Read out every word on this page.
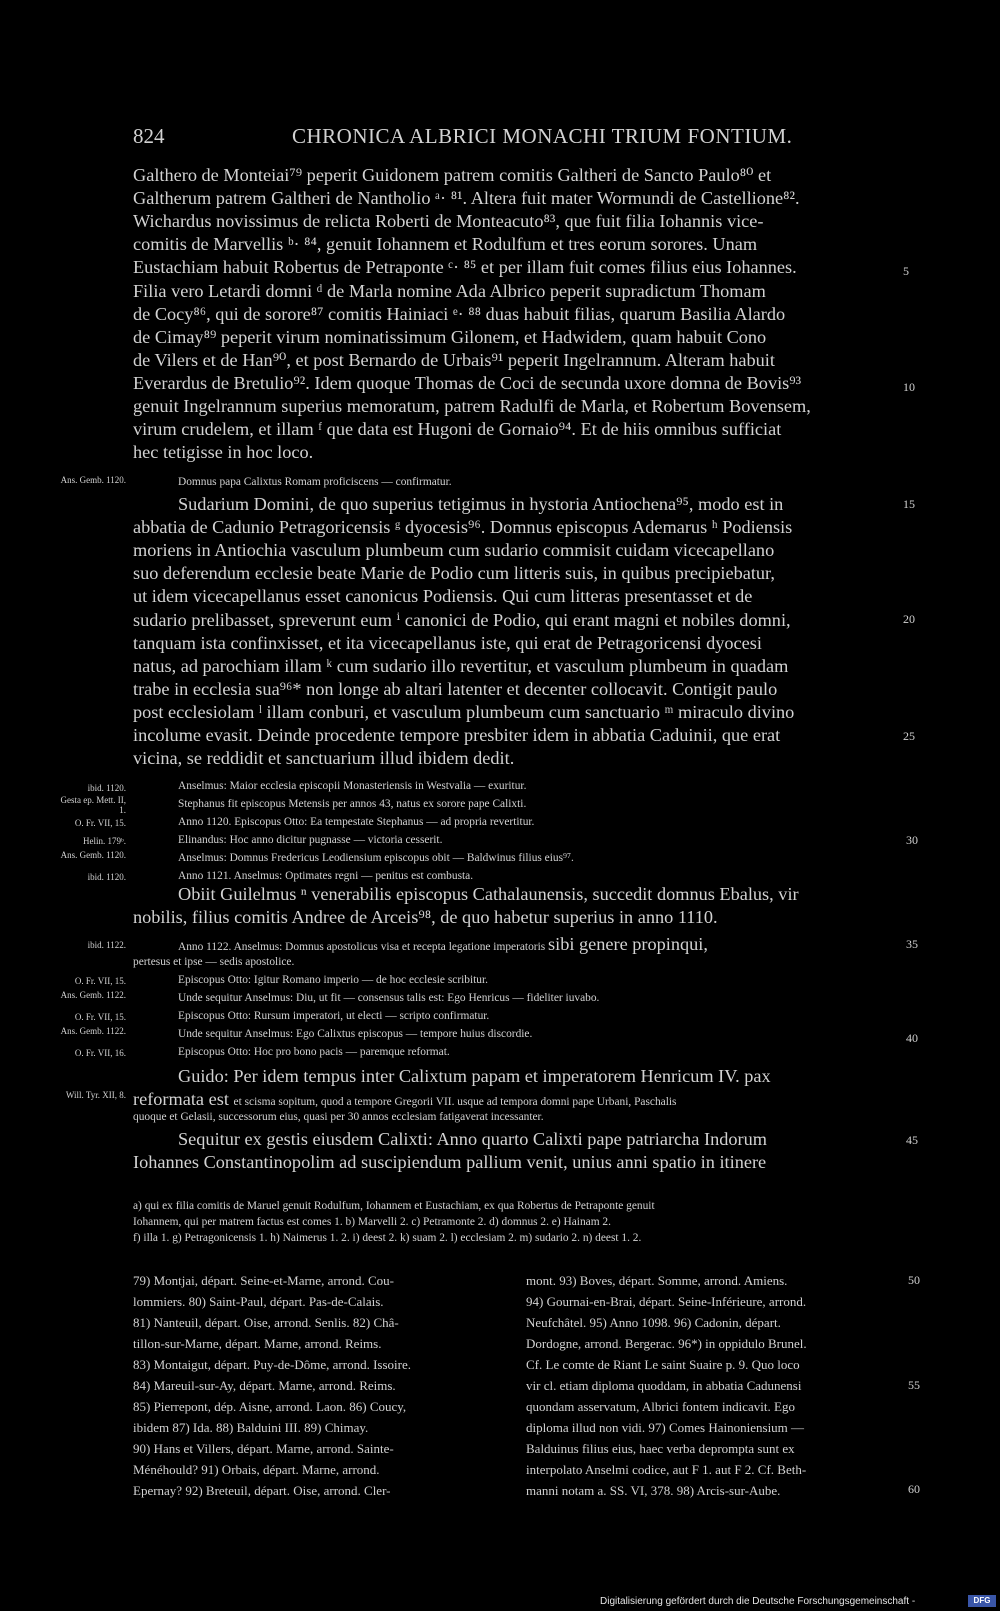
824	CHRONICA ALBRICI MONACHI TRIUM FONTIUM.
Galthero de Monteiai⁷⁹ peperit Guidonem patrem comitis Galtheri de Sancto Paulo⁸⁰ et
Galtherum patrem Galtheri de Nantholio ᵃ· ⁸¹. Altera fuit mater Wormundi de Castellione⁸².
Wichardus novissimus de relicta Roberti de Monteacuto⁸³, que fuit filia Iohannis vice-
comitis de Marvellis ᵇ· ⁸⁴, genuit Iohannem et Rodulfum et tres eorum sorores. Unam
Eustachiam habuit Robertus de Petraponte ᶜ· ⁸⁵ et per illam fuit comes filius eius Iohannes.
Filia vero Letardi domni ᵈ de Marla nomine Ada Albrico peperit supradictum Thomam
de Cocy⁸⁶, qui de sorore⁸⁷ comitis Hainiaci ᵉ· ⁸⁸ duas habuit filias, quarum Basilia Alardo
de Cimay⁸⁹ peperit virum nominatissimum Gilonem, et Hadwidem, quam habuit Cono
de Vilers et de Han⁹⁰, et post Bernardo de Urbais⁹¹ peperit Ingelrannum. Alteram habuit
Everardus de Bretulio⁹². Idem quoque Thomas de Coci de secunda uxore domna de Bovis⁹³
genuit Ingelrannum superius memoratum, patrem Radulfi de Marla, et Robertum Bovensem,
virum crudelem, et illam ᶠ que data est Hugoni de Gornaio⁹⁴. Et de hiis omnibus sufficiat
hec tetigisse in hoc loco.
Domnus papa Calixtus Romam proficiscens — confirmatur.
Sudarium Domini, de quo superius tetigimus in hystoria Antiochena⁹⁵, modo est in
abbatia de Cadunio Petragoricensis ᵍ dyocesis⁹⁶. Domnus episcopus Ademarus ʰ Podiensis
moriens in Antiochia vasculum plumbeum cum sudario commisit cuidam vicecapellano
suo deferendum ecclesie beate Marie de Podio cum litteris suis, in quibus precipiebatur,
ut idem vicecapellanus esset canonicus Podiensis. Qui cum litteras presentasset et de
sudario prelibasset, spreverunt eum ⁱ canonici de Podio, qui erant magni et nobiles domni,
tanquam ista confinxisset, et ita vicecapellanus iste, qui erat de Petragoricensi dyocesi
natus, ad parochiam illam ᵏ cum sudario illo revertitur, et vasculum plumbeum in quadam
trabe in ecclesia sua⁹⁶* non longe ab altari latenter et decenter collocavit. Contigit paulo
post ecclesiolam ˡ illam conburi, et vasculum plumbeum cum sanctuario ᵐ miraculo divino
incolume evasit. Deinde procedente tempore presbiter idem in abbatia Caduinii, que erat
vicina, se reddidit et sanctuarium illud ibidem dedit.
Anselmus: Maior ecclesia episcopii Monasteriensis in Westvalia — exuritur.
Stephanus fit episcopus Metensis per annos 43, natus ex sorore pape Calixti.
Anno 1120. Episcopus Otto: Ea tempestate Stephanus — ad propria revertitur.
Elinandus: Hoc anno dicitur pugnasse — victoria cesserit.
Anselmus: Domnus Fredericus Leodiensium episcopus obit — Baldwinus filius eius⁹⁷.
Anno 1121. Anselmus: Optimates regni — penitus est combusta.
Obiit Guilelmus ⁿ venerabilis episcopus Cathalaunensis, succedit domnus Ebalus, vir
nobilis, filius comitis Andree de Arceis⁹⁸, de quo habetur superius in anno 1110.
Anno 1122. Anselmus: Domnus apostolicus visa et recepta legatione imperatoris sibi genere propinqui,
pertesus et ipse — sedis apostolice.
Episcopus Otto: Igitur Romano imperio — de hoc ecclesie scribitur.
Unde sequitur Anselmus: Diu, ut fit — consensus talis est: Ego Henricus — fideliter iuvabo.
Episcopus Otto: Rursum imperatori, ut electi — scripto confirmatur.
Unde sequitur Anselmus: Ego Calixtus episcopus — tempore huius discordie.
Episcopus Otto: Hoc pro bono pacis — paremque reformat.
Guido: Per idem tempus inter Calixtum papam et imperatorem Henricum IV. pax
reformata est et scisma sopitum, quod a tempore Gregorii VII. usque ad tempora domni pape Urbani, Paschalis
quoque et Gelasii, successorum eius, quasi per 30 annos ecclesiam fatigaverat incessanter.
Sequitur ex gestis eiusdem Calixti: Anno quarto Calixti pape patriarcha Indorum
Iohannes Constantinopolim ad suscipiendum pallium venit, unius anni spatio in itinere
Ans. Gemb. 1120.
ibid. 1120.
Gesta ep. Mett. II, 1.
O. Fr. VII, 15.
Helin. 179ᵇ.
Ans. Gemb. 1120.
ibid. 1120.
ibid. 1122.
O. Fr. VII, 15.
Ans. Gemb. 1122.
O. Fr. VII, 15.
Ans. Gemb. 1122.
O. Fr. VII, 16.
Will. Tyr. XII, 8.
5
10
15
20
25
30
35
40
45
50
55
60
a) qui ex filia comitis de Maruel genuit Rodulfum, Iohannem et Eustachiam, ex qua Robertus de Petraponte genuit
Iohannem, qui per matrem factus est comes 1. b) Marvelli 2. c) Petramonte 2. d) domnus 2. e) Hainam 2.
f) illa 1. g) Petragonicensis 1. h) Naimerus 1. 2. i) deest 2. k) suam 2. l) ecclesiam 2. m) sudario 2. n) deest 1. 2.
79) Montjai, départ. Seine-et-Marne, arrond. Cou-
lommiers. 80) Saint-Paul, départ. Pas-de-Calais.
81) Nanteuil, départ. Oise, arrond. Senlis. 82) Châ-
tillon-sur-Marne, départ. Marne, arrond. Reims.
83) Montaigut, départ. Puy-de-Dôme, arrond. Issoire.
84) Mareuil-sur-Ay, départ. Marne, arrond. Reims.
85) Pierrepont, dép. Aisne, arrond. Laon. 86) Coucy,
ibidem 87) Ida. 88) Balduini III. 89) Chimay.
90) Hans et Villers, départ. Marne, arrond. Sainte-
Ménéhould? 91) Orbais, départ. Marne, arrond.
Epernay? 92) Breteuil, départ. Oise, arrond. Cler-
mont. 93) Boves, départ. Somme, arrond. Amiens.
94) Gournai-en-Brai, départ. Seine-Inférieure, arrond.
Neufchâtel. 95) Anno 1098. 96) Cadonin, départ.
Dordogne, arrond. Bergerac. 96*) in oppidulo Brunel.
Cf. Le comte de Riant Le saint Suaire p. 9. Quo loco
vir cl. etiam diploma quoddam, in abbatia Cadunensi
quondam asservatum, Albrici fontem indicavit. Ego
diploma illud non vidi. 97) Comes Hainoniensium —
Balduinus filius eius, haec verba deprompta sunt ex
interpolato Anselmi codice, aut F 1. aut F 2. Cf. Beth-
manni notam a. SS. VI, 378. 98) Arcis-sur-Aube.
Digitalisierung gefördert durch die Deutsche Forschungsgemeinschaft -	DFG
